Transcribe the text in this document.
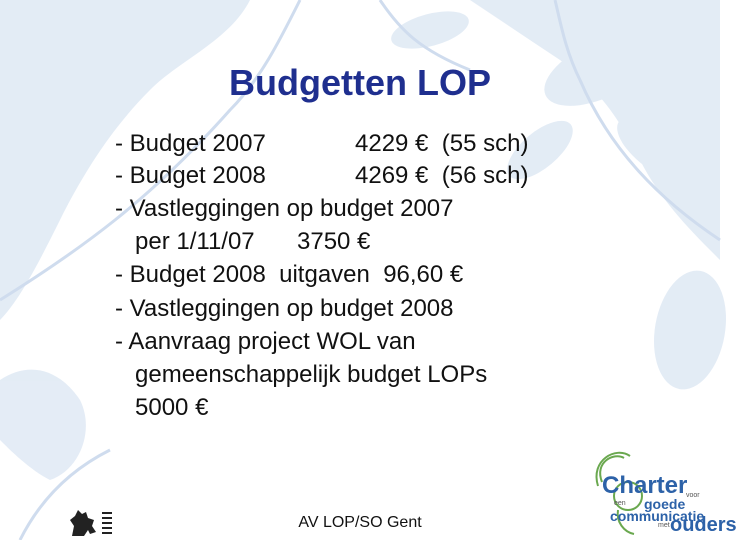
Budgetten LOP

- Budget 2007

	4229 €  (55 sch)

- Budget 2008

	4269 €  (56 sch)

- Vastleggingen op budget 2007

per 1/11/07

3750 €

- Budget 2008  uitgaven  96,60 €

- Vastleggingen op budget 2008

- Aanvraag project WOL van

gemeenschappelijk budget LOPs

5000 €

AV LOP/SO Gent
Charter
voor
een goede
communicatie
met ouders
